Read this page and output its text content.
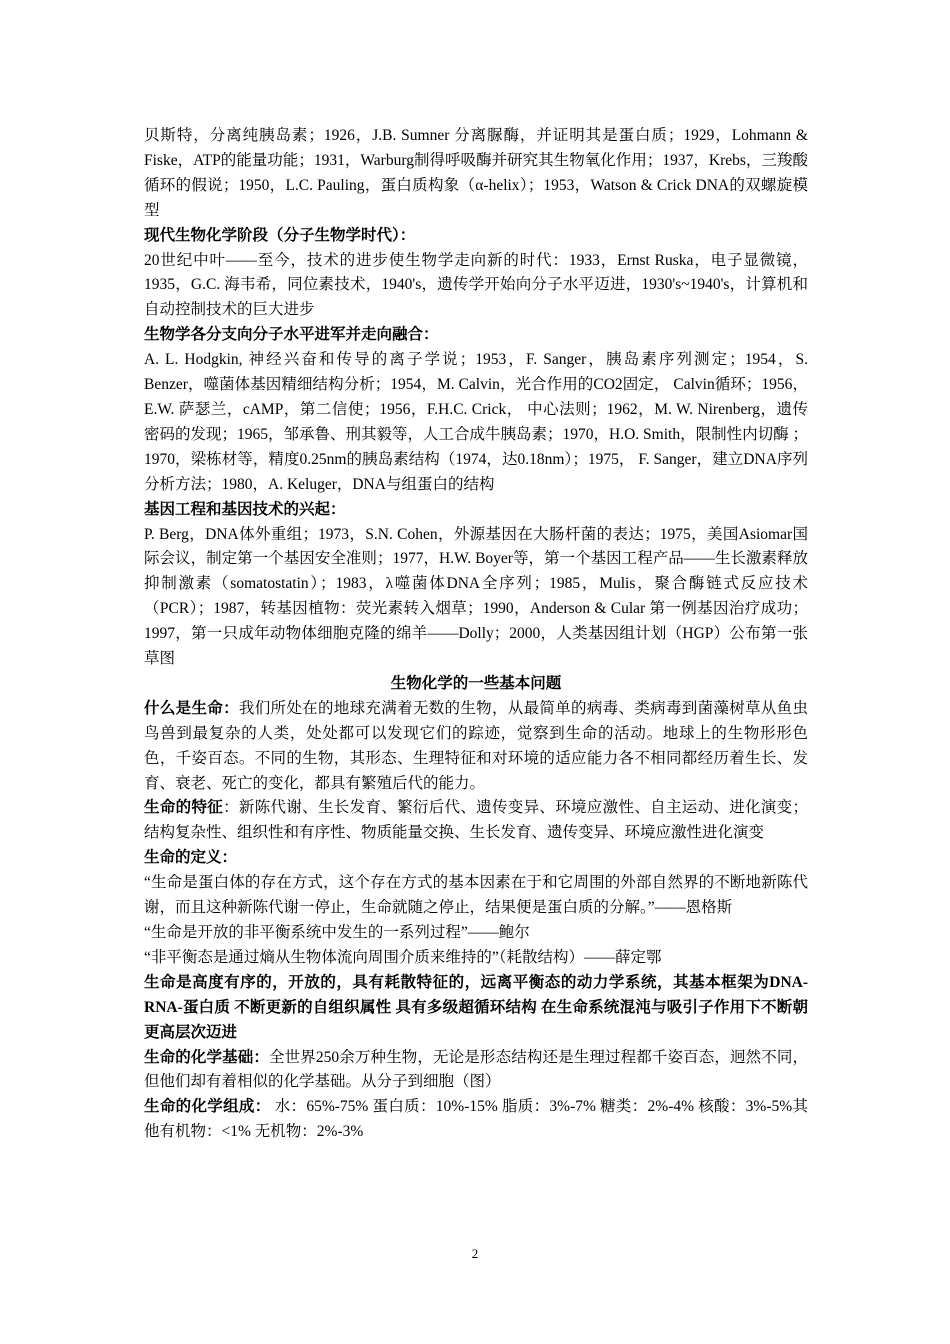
贝斯特，分离纯胰岛素；1926，J.B. Sumner 分离脲酶，并证明其是蛋白质；1929，Lohmann & Fiske，ATP的能量功能；1931，Warburg制得呼吸酶并研究其生物氧化作用；1937，Krebs，三羧酸循环的假说；1950，L.C. Pauling，蛋白质构象（α-helix）；1953，Watson & Crick DNA的双螺旋模型

现代生物化学阶段（分子生物学时代）：

20世纪中叶——至今，技术的进步使生物学走向新的时代：1933，Ernst Ruska，电子显微镜，1935，G.C. 海韦希，同位素技术，1940's，遗传学开始向分子水平迈进，1930's~1940's，计算机和自动控制技术的巨大进步

生物学各分支向分子水平进军并走向融合：

A. L. Hodgkin, 神经兴奋和传导的离子学说；1953，F. Sanger，胰岛素序列测定；1954，S. Benzer，噬菌体基因精细结构分析；1954，M. Calvin，光合作用的CO2固定， Calvin循环；1956，E.W. 萨瑟兰，cAMP，第二信使；1956，F.H.C. Crick， 中心法则；1962，M. W. Nirenberg，遗传密码的发现；1965，邹承鲁、刑其毅等，人工合成牛胰岛素；1970，H.O. Smith，限制性内切酶 ；1970，梁栋材等，精度0.25nm的胰岛素结构（1974，达0.18nm）；1975， F. Sanger，建立DNA序列分析方法；1980，A. Keluger，DNA与组蛋白的结构

基因工程和基因技术的兴起：

P. Berg，DNA体外重组；1973，S.N. Cohen，外源基因在大肠杆菌的表达；1975，美国Asiomar国际会议，制定第一个基因安全准则；1977，H.W. Boyer等，第一个基因工程产品——生长激素释放抑制激素（somatostatin）；1983，λ噬菌体DNA全序列；1985，Mulis，聚合酶链式反应技术（PCR）；1987，转基因植物：荧光素转入烟草；1990，Anderson & Cular 第一例基因治疗成功；1997，第一只成年动物体细胞克隆的绵羊——Dolly；2000，人类基因组计划（HGP）公布第一张草图

生物化学的一些基本问题

什么是生命：我们所处在的地球充满着无数的生物，从最简单的病毒、类病毒到菌藻树草从鱼虫鸟兽到最复杂的人类，处处都可以发现它们的踪迹，觉察到生命的活动。地球上的生物形形色色，千姿百态。不同的生物，其形态、生理特征和对环境的适应能力各不相同都经历着生长、发育、衰老、死亡的变化，都具有繁殖后代的能力。

生命的特征：新陈代谢、生长发育、繁衍后代、遗传变异、环境应激性、自主运动、进化演变；结构复杂性、组织性和有序性、物质能量交换、生长发育、遗传变异、环境应激性进化演变

生命的定义：

“生命是蛋白体的存在方式，这个存在方式的基本因素在于和它周围的外部自然界的不断地新陈代谢，而且这种新陈代谢一停止，生命就随之停止，结果便是蛋白质的分解。”——恩格斯

“生命是开放的非平衡系统中发生的一系列过程”——鲍尔

“非平衡态是通过熵从生物体流向周围介质来维持的”（耗散结构）——薛定鄂

生命是高度有序的，开放的，具有耗散特征的，远离平衡态的动力学系统，其基本框架为DNA-RNA-蛋白质 不断更新的自组织属性 具有多级超循环结构 在生命系统混沌与吸引子作用下不断朝更高层次迈进

生命的化学基础：全世界250余万种生物，无论是形态结构还是生理过程都千姿百态，迥然不同，但他们却有着相似的化学基础。从分子到细胞（图）

生命的化学组成： 水：65%-75% 蛋白质：10%-15% 脂质：3%-7% 糖类：2%-4% 核酸：3%-5%其他有机物：<1% 无机物：2%-3%

2
